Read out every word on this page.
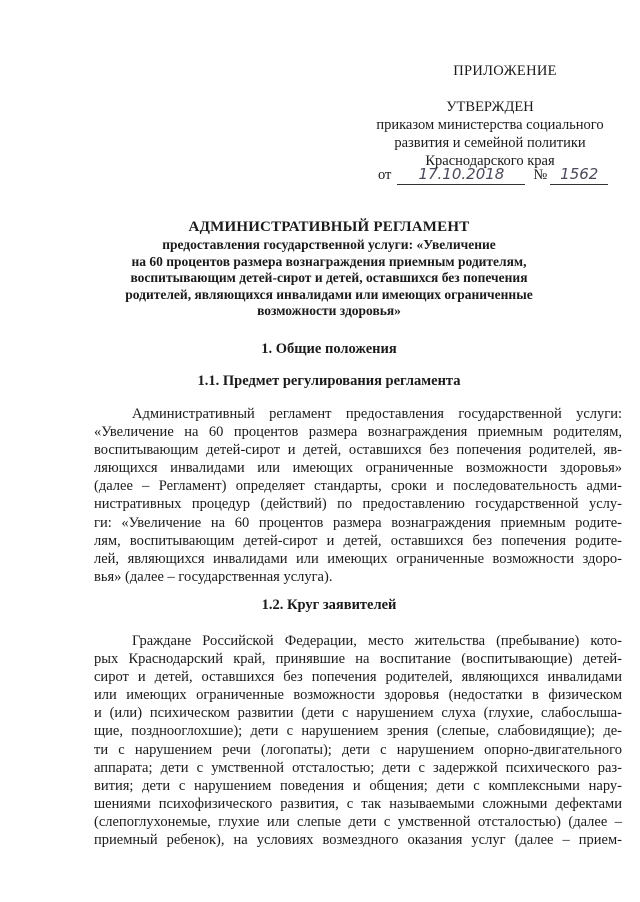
ПРИЛОЖЕНИЕ
УТВЕРЖДЕН
приказом министерства социального
развития и семейной политики
Краснодарского края
от 17.10.2018 № 1562
АДМИНИСТРАТИВНЫЙ РЕГЛАМЕНТ
предоставления государственной услуги: «Увеличение
на 60 процентов размера вознаграждения приемным родителям,
воспитывающим детей-сирот и детей, оставшихся без попечения
родителей, являющихся инвалидами или имеющих ограниченные
возможности здоровья»
1. Общие положения
1.1. Предмет регулирования регламента
Административный регламент предоставления государственной услуги:
«Увеличение на 60 процентов размера вознаграждения приемным родителям,
воспитывающим детей-сирот и детей, оставшихся без попечения родителей, яв-
ляющихся инвалидами или имеющих ограниченные возможности здоровья»
(далее – Регламент) определяет стандарты, сроки и последовательность адми-
нистративных процедур (действий) по предоставлению государственной услу-
ги: «Увеличение на 60 процентов размера вознаграждения приемным родите-
лям, воспитывающим детей-сирот и детей, оставшихся без попечения родите-
лей, являющихся инвалидами или имеющих ограниченные возможности здоро-
вья» (далее – государственная услуга).
1.2. Круг заявителей
Граждане Российской Федерации, место жительства (пребывание) кото-
рых Краснодарский край, принявшие на воспитание (воспитывающие) детей-
сирот и детей, оставшихся без попечения родителей, являющихся инвалидами
или имеющих ограниченные возможности здоровья (недостатки в физическом
и (или) психическом развитии (дети с нарушением слуха (глухие, слабослыша-
щие, позднооглохшие); дети с нарушением зрения (слепые, слабовидящие); де-
ти с нарушением речи (логопаты); дети с нарушением опорно-двигательного
аппарата; дети с умственной отсталостью; дети с задержкой психического раз-
вития; дети с нарушением поведения и общения; дети с комплексными нару-
шениями психофизического развития, с так называемыми сложными дефектами
(слепоглухонемые, глухие или слепые дети с умственной отсталостью) (далее –
приемный ребенок), на условиях возмездного оказания услуг (далее – прием-
